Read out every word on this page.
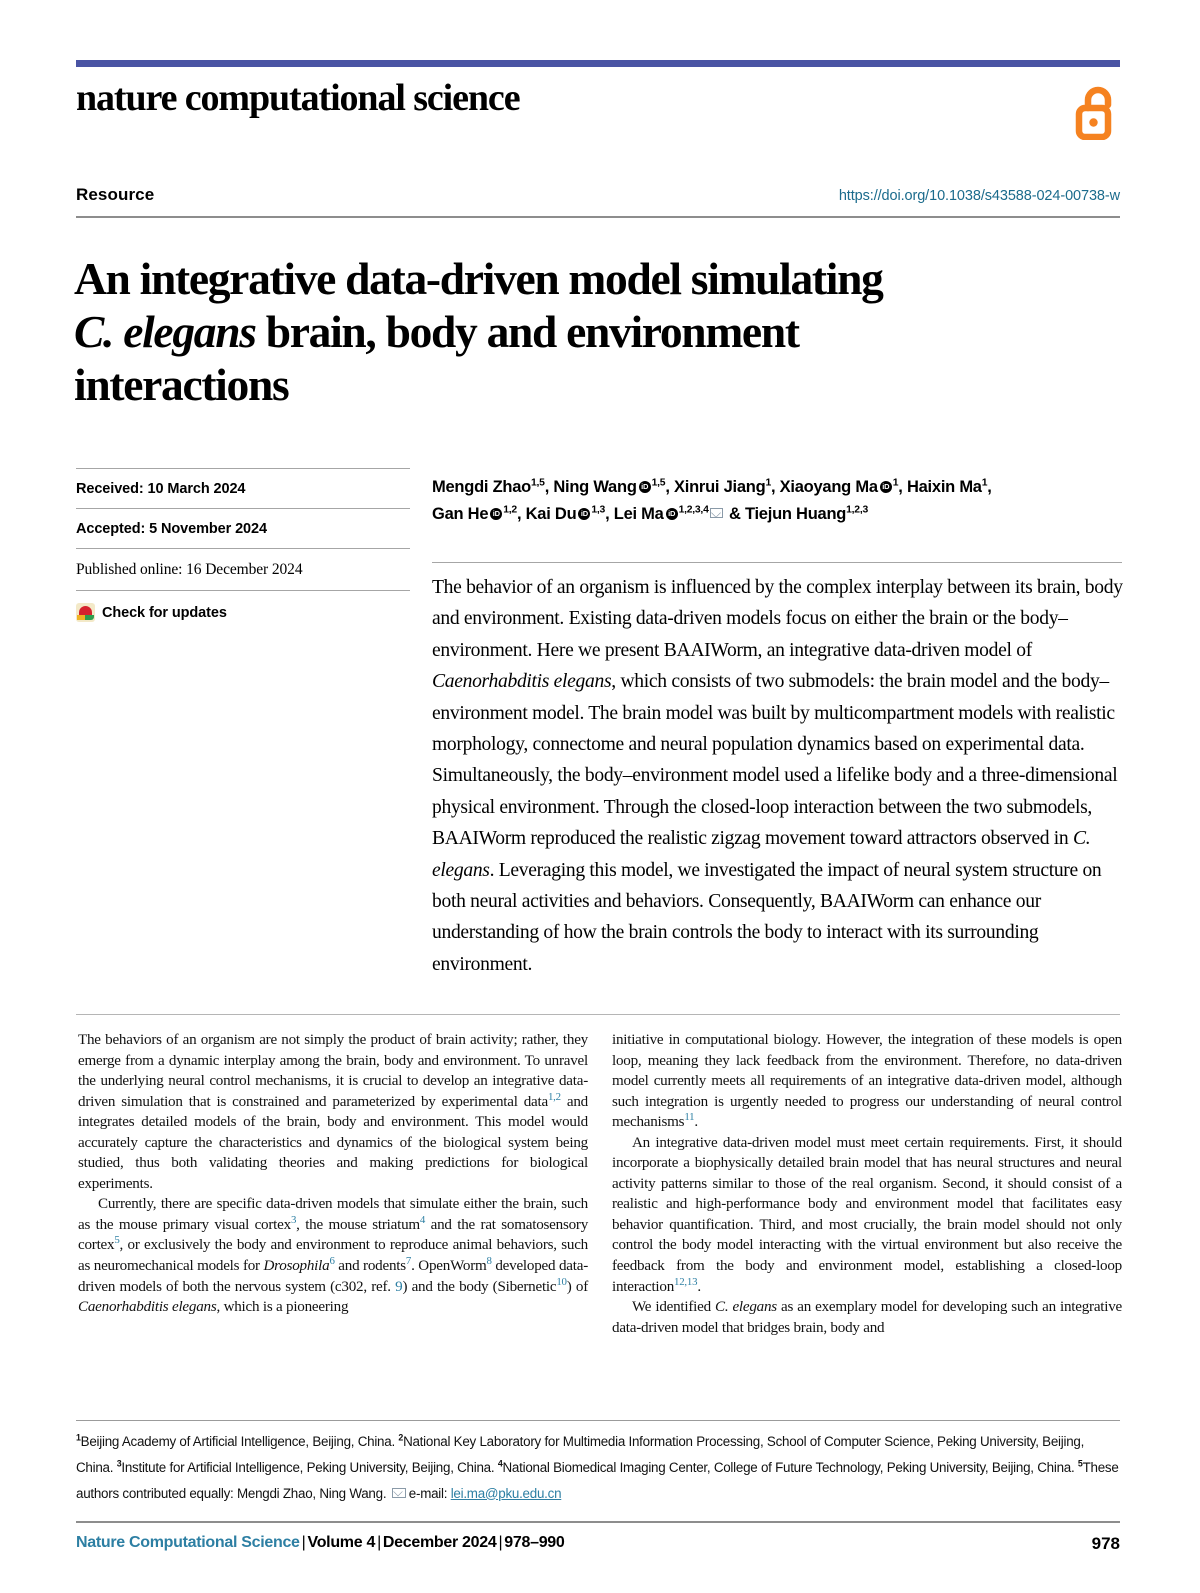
nature computational science
Resource	https://doi.org/10.1038/s43588-024-00738-w
An integrative data-driven model simulating
C. elegans brain, body and environment
interactions
Received: 10 March 2024
Accepted: 5 November 2024
Published online: 16 December 2024
Check for updates
Mengdi Zhao$^{1,5}$, Ning Wang iD $^{1,5}$, Xinrui Jiang$^1$, Xiaoyang Ma iD $^1$, Haixin Ma$^1$,
Gan He iD $^{1,2}$, Kai Du iD $^{1,3}$, Lei Ma iD $^{1,2,3,4}$ & Tiejun Huang$^{1,2,3}$
The behavior of an organism is influenced by the complex interplay between its brain, body and environment. Existing data-driven models focus on either the brain or the body–environment. Here we present BAAIWorm, an integrative data-driven model of Caenorhabditis elegans, which consists of two submodels: the brain model and the body–environment model. The brain model was built by multicompartment models with realistic morphology, connectome and neural population dynamics based on experimental data. Simultaneously, the body–environment model used a lifelike body and a three-dimensional physical environment. Through the closed-loop interaction between the two submodels, BAAIWorm reproduced the realistic zigzag movement toward attractors observed in C. elegans. Leveraging this model, we investigated the impact of neural system structure on both neural activities and behaviors. Consequently, BAAIWorm can enhance our understanding of how the brain controls the body to interact with its surrounding environment.

The behaviors of an organism are not simply the product of brain activity; rather, they emerge from a dynamic interplay among the brain, body and environment. To unravel the underlying neural control mechanisms, it is crucial to develop an integrative data-driven simulation that is constrained and parameterized by experimental data$^{1,2}$ and integrates detailed models of the brain, body and environment. This model would accurately capture the characteristics and dynamics of the biological system being studied, thus both validating theories and making predictions for biological experiments.

Currently, there are specific data-driven models that simulate either the brain, such as the mouse primary visual cortex$^3$, the mouse striatum$^4$ and the rat somatosensory cortex$^5$, or exclusively the body and environment to reproduce animal behaviors, such as neuromechanical models for Drosophila$^6$ and rodents$^7$. OpenWorm$^8$ developed data-driven models of both the nervous system (c302, ref. 9) and the body (Sibernetic$^{10}$) of Caenorhabditis elegans, which is a pioneering

initiative in computational biology. However, the integration of these models is open loop, meaning they lack feedback from the environment. Therefore, no data-driven model currently meets all requirements of an integrative data-driven model, although such integration is urgently needed to progress our understanding of neural control mechanisms$^{11}$.

An integrative data-driven model must meet certain requirements. First, it should incorporate a biophysically detailed brain model that has neural structures and neural activity patterns similar to those of the real organism. Second, it should consist of a realistic and high-performance body and environment model that facilitates easy behavior quantification. Third, and most crucially, the brain model should not only control the body model interacting with the virtual environment but also receive the feedback from the body and environment model, establishing a closed-loop interaction$^{12,13}$.

We identified C. elegans as an exemplary model for developing such an integrative data-driven model that bridges brain, body and

$^1$Beijing Academy of Artificial Intelligence, Beijing, China. $^2$National Key Laboratory for Multimedia Information Processing, School of Computer Science, Peking University, Beijing, China. $^3$Institute for Artificial Intelligence, Peking University, Beijing, China. $^4$National Biomedical Imaging Center, College of Future Technology, Peking University, Beijing, China. $^5$These authors contributed equally: Mengdi Zhao, Ning Wang. e-mail: lei.ma@pku.edu.cn
Nature Computational Science | Volume 4 | December 2024 | 978–990	978
